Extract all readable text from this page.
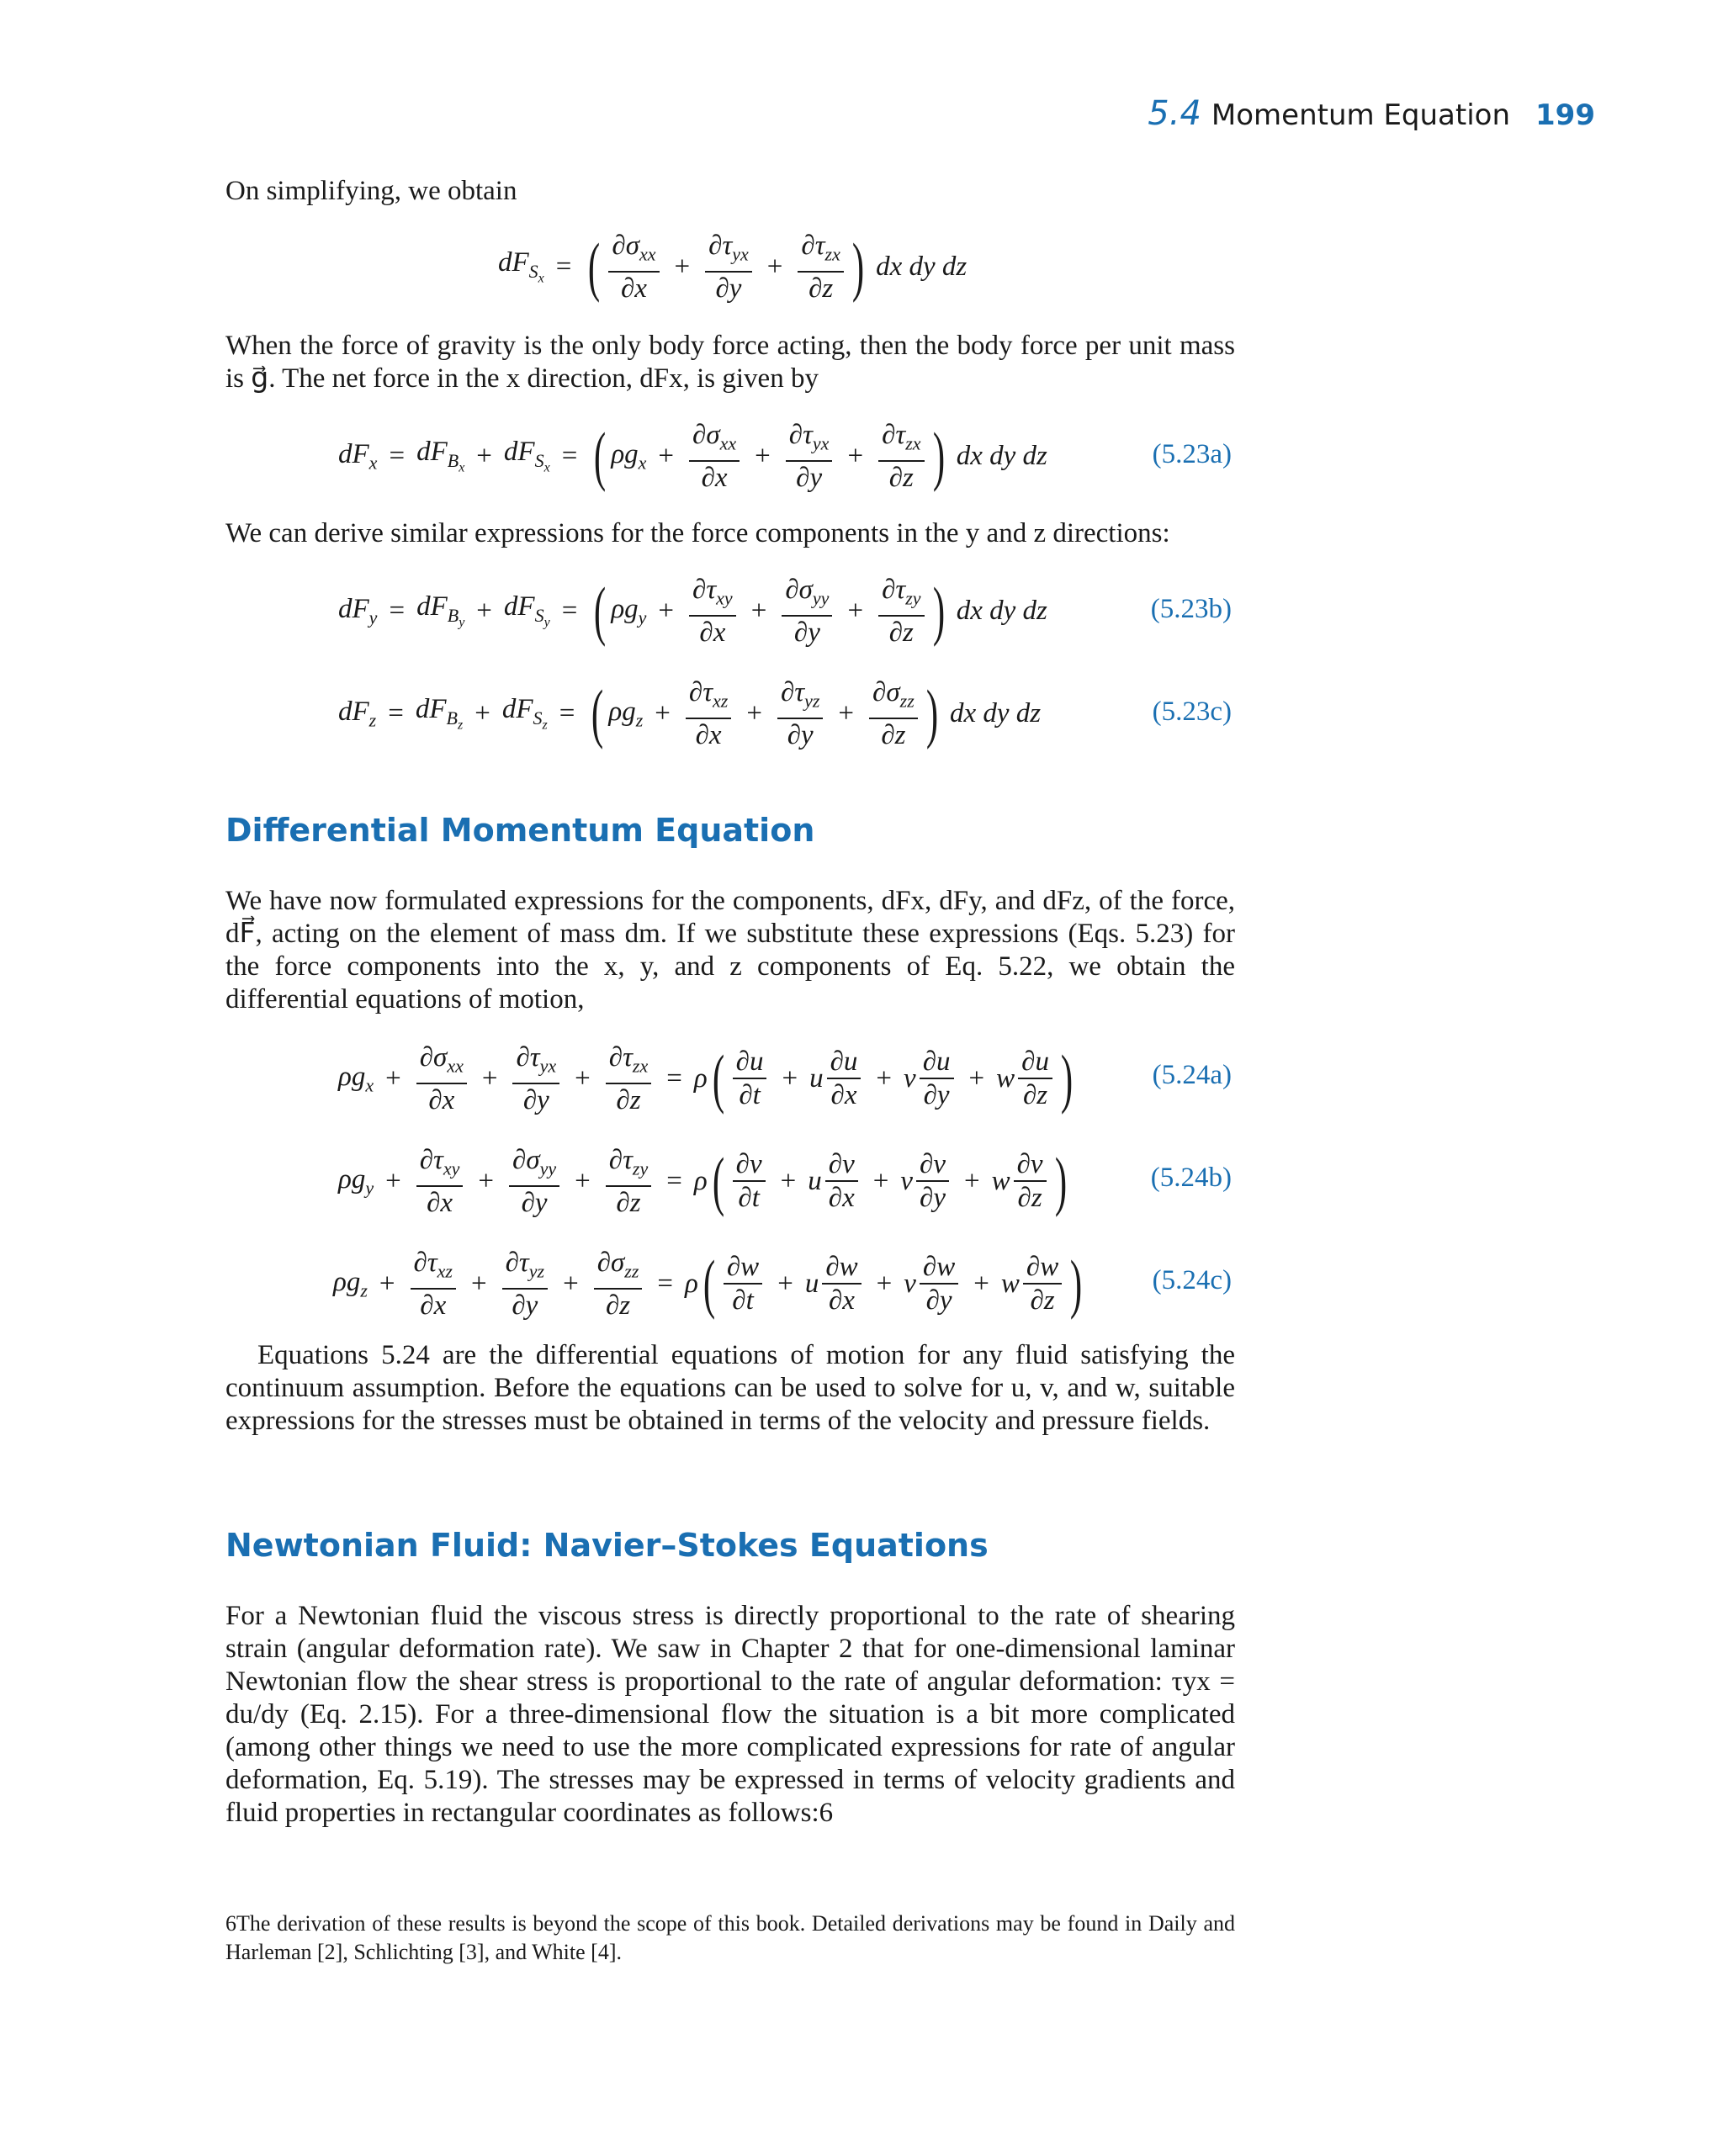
5.4 Momentum Equation 199
On simplifying, we obtain
$dF_{S_x}$ = ( $\frac{\partial\sigma_{xx}}{\partial x} + \frac{\partial\tau_{yx}}{\partial y} + \frac{\partial\tau_{zx}}{\partial z}$ ) dx dy dz
When the force of gravity is the only body force acting, then the body force per unit mass is g⃗. The net force in the x direction, dFx, is given by
$dF_x = dF_{B_x} + dF_{S_x}$ = ( $\rho g_x + \frac{\partial\sigma_{xx}}{\partial x} + \frac{\partial\tau_{yx}}{\partial y} + \frac{\partial\tau_{zx}}{\partial z}$ ) dx dy dz	(5.23a)
We can derive similar expressions for the force components in the y and z directions:
$dF_y = dF_{B_y} + dF_{S_y}$ = ( $\rho g_y + \frac{\partial\tau_{xy}}{\partial x} + \frac{\partial\sigma_{yy}}{\partial y} + \frac{\partial\tau_{zy}}{\partial z}$ ) dx dy dz	(5.23b)
$dF_z = dF_{B_z} + dF_{S_z}$ = ( $\rho g_z + \frac{\partial\tau_{xz}}{\partial x} + \frac{\partial\tau_{yz}}{\partial y} + \frac{\partial\sigma_{zz}}{\partial z}$ ) dx dy dz	(5.23c)
Differential Momentum Equation
We have now formulated expressions for the components, dFx, dFy, and dFz, of the force, dF⃗, acting on the element of mass dm. If we substitute these expressions (Eqs. 5.23) for the force components into the x, y, and z components of Eq. 5.22, we obtain the differential equations of motion,
$\rho g_x + \frac{\partial\sigma_{xx}}{\partial x} + \frac{\partial\tau_{yx}}{\partial y} + \frac{\partial\tau_{zx}}{\partial z} = \rho$ ( $\frac{\partial u}{\partial t} + u \frac{\partial u}{\partial x} + v \frac{\partial u}{\partial y} + w \frac{\partial u}{\partial z}$ )	(5.24a)
$\rho g_y + \frac{\partial\tau_{xy}}{\partial x} + \frac{\partial\sigma_{yy}}{\partial y} + \frac{\partial\tau_{zy}}{\partial z} = \rho$ ( $\frac{\partial v}{\partial t} + u \frac{\partial v}{\partial x} + v \frac{\partial v}{\partial y} + w \frac{\partial v}{\partial z}$ )	(5.24b)
$\rho g_z + \frac{\partial\tau_{xz}}{\partial x} + \frac{\partial\tau_{yz}}{\partial y} + \frac{\partial\sigma_{zz}}{\partial z} = \rho$ ( $\frac{\partial w}{\partial t} + u \frac{\partial w}{\partial x} + v \frac{\partial w}{\partial y} + w \frac{\partial w}{\partial z}$ )	(5.24c)
Equations 5.24 are the differential equations of motion for any fluid satisfying the continuum assumption. Before the equations can be used to solve for u, v, and w, suitable expressions for the stresses must be obtained in terms of the velocity and pressure fields.
Newtonian Fluid: Navier–Stokes Equations
For a Newtonian fluid the viscous stress is directly proportional to the rate of shearing strain (angular deformation rate). We saw in Chapter 2 that for one-dimensional laminar Newtonian flow the shear stress is proportional to the rate of angular deformation: τyx = du/dy (Eq. 2.15). For a three-dimensional flow the situation is a bit more complicated (among other things we need to use the more complicated expressions for rate of angular deformation, Eq. 5.19). The stresses may be expressed in terms of velocity gradients and fluid properties in rectangular coordinates as follows:6
6The derivation of these results is beyond the scope of this book. Detailed derivations may be found in Daily and Harleman [2], Schlichting [3], and White [4].
